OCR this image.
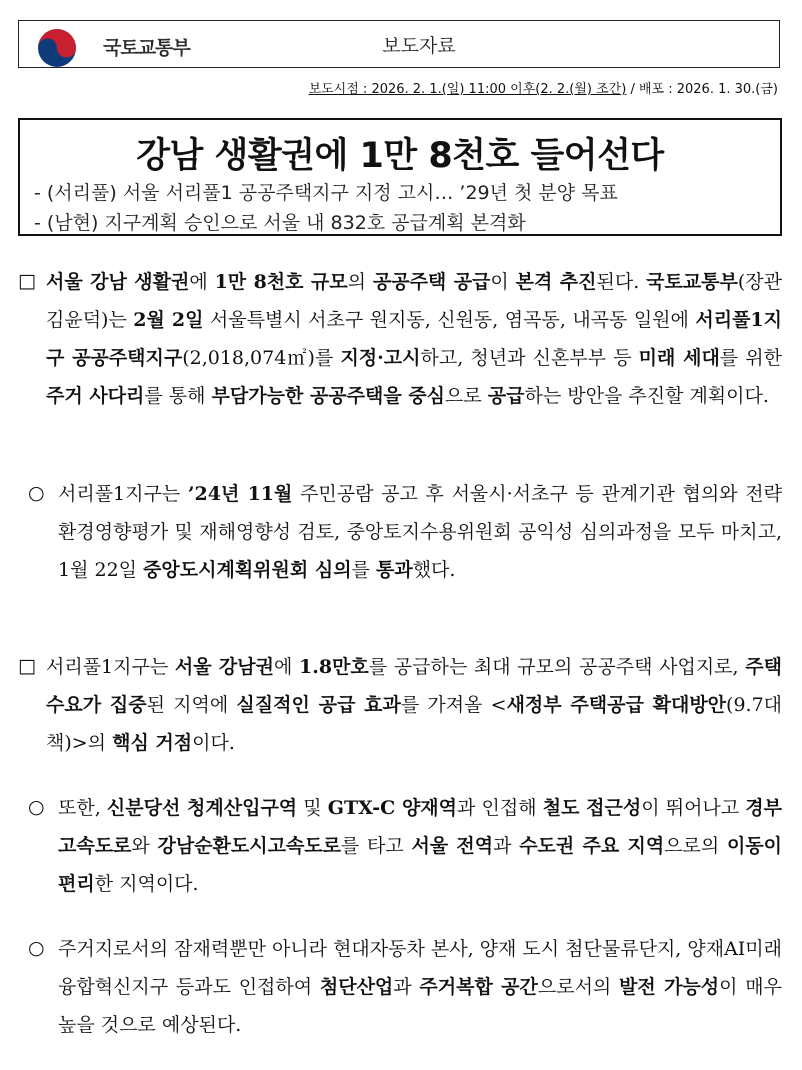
국토교통부	보도자료
보도시점 : 2026. 2. 1.(일) 11:00 이후(2. 2.(월) 조간) / 배포 : 2026. 1. 30.(금)
강남 생활권에 1만 8천호 들어선다
- (서리풀) 서울 서리풀1 공공주택지구 지정 고시… ’29년 첫 분양 목표
- (남현) 지구계획 승인으로 서울 내 832호 공급계획 본격화
□ 서울 강남 생활권에 1만 8천호 규모의 공공주택 공급이 본격 추진된다. 국토교통부(장관 김윤덕)는 2월 2일 서울특별시 서초구 원지동, 신원동, 염곡동, 내곡동 일원에 서리풀1지구 공공주택지구(2,018,074㎡)를 지정·고시하고, 청년과 신혼부부 등 미래 세대를 위한 주거 사다리를 통해 부담가능한 공공주택을 중심으로 공급하는 방안을 추진할 계획이다.

○ 서리풀1지구는 ’24년 11월 주민공람 공고 후 서울시·서초구 등 관계기관 협의와 전략환경영향평가 및 재해영향성 검토, 중앙토지수용위원회 공익성 심의과정을 모두 마치고, 1월 22일 중앙도시계획위원회 심의를 통과했다.

□ 서리풀1지구는 서울 강남권에 1.8만호를 공급하는 최대 규모의 공공주택 사업지로, 주택 수요가 집중된 지역에 실질적인 공급 효과를 가져올 <새정부 주택공급 확대방안(9.7대책)>의 핵심 거점이다.

○ 또한, 신분당선 청계산입구역 및 GTX-C 양재역과 인접해 철도 접근성이 뛰어나고 경부고속도로와 강남순환도시고속도로를 타고 서울 전역과 수도권 주요 지역으로의 이동이 편리한 지역이다.

○ 주거지로서의 잠재력뿐만 아니라 현대자동차 본사, 양재 도시 첨단물류단지, 양재AI미래융합혁신지구 등과도 인접하여 첨단산업과 주거복합 공간으로서의 발전 가능성이 매우 높을 것으로 예상된다.
